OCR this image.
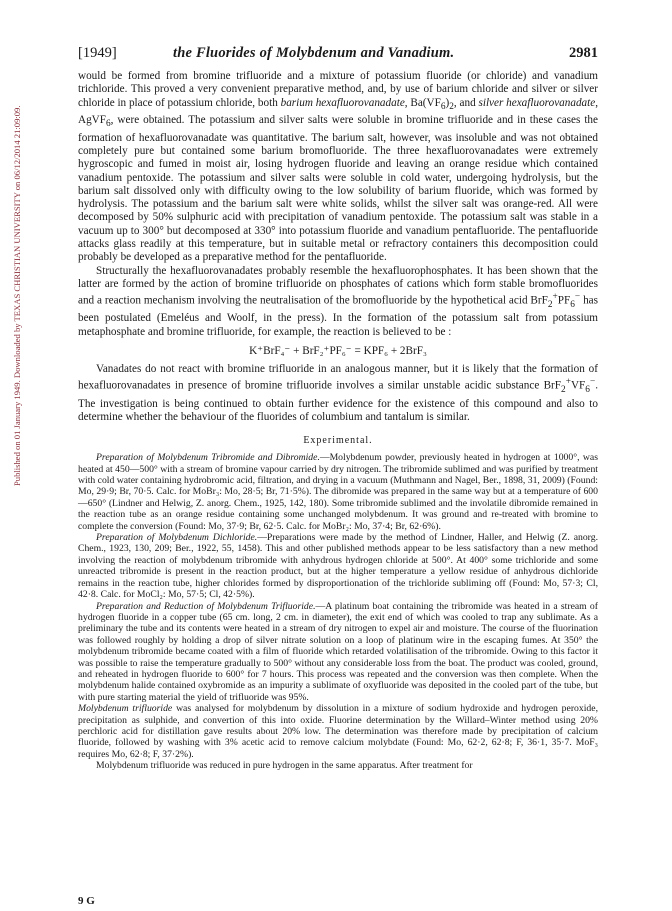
Published on 01 January 1949. Downloaded by TEXAS CHRISTIAN UNIVERSITY on 06/12/2014 21:09:09.
[1949]	the Fluorides of Molybdenum and Vanadium.	2981

would be formed from bromine trifluoride and a mixture of potassium fluoride (or chloride) and vanadium trichloride. This proved a very convenient preparative method, and, by use of barium chloride and silver or silver chloride in place of potassium chloride, both barium hexafluorovanadate, $Ba(VF_6)_2$, and silver hexafluorovanadate, AgVF$_6$, were obtained. The potassium and silver salts were soluble in bromine trifluoride and in these cases the formation of hexafluorovanadate was quantitative. The barium salt, however, was insoluble and was not obtained completely pure but contained some barium bromofluoride. The three hexafluorovanadates were extremely hygroscopic and fumed in moist air, losing hydrogen fluoride and leaving an orange residue which contained vanadium pentoxide. The potassium and silver salts were soluble in cold water, undergoing hydrolysis, but the barium salt dissolved only with difficulty owing to the low solubility of barium fluoride, which was formed by hydrolysis. The potassium and the barium salt were white solids, whilst the silver salt was orange-red. All were decomposed by 50% sulphuric acid with precipitation of vanadium pentoxide. The potassium salt was stable in a vacuum up to 300° but decomposed at 330° into potassium fluoride and vanadium pentafluoride. The pentafluoride attacks glass readily at this temperature, but in suitable metal or refractory containers this decomposition could probably be developed as a preparative method for the pentafluoride.

Structurally the hexafluorovanadates probably resemble the hexafluorophosphates. It has been shown that the latter are formed by the action of bromine trifluoride on phosphates of cations which form stable bromofluorides and a reaction mechanism involving the neutralisation of the bromofluoride by the hypothetical acid $BrF_2^+PF_6^-$ has been postulated (Emeléus and Woolf, in the press). In the formation of the potassium salt from potassium metaphosphate and bromine trifluoride, for example, the reaction is believed to be :

K⁺BrF₄⁻ + BrF₂⁺PF₆⁻ = KPF₆ + 2BrF₃

Vanadates do not react with bromine trifluoride in an analogous manner, but it is likely that the formation of hexafluorovanadates in presence of bromine trifluoride involves a similar unstable acidic substance $BrF_2^+VF_6^-$. The investigation is being continued to obtain further evidence for the existence of this compound and also to determine whether the behaviour of the fluorides of columbium and tantalum is similar.

Experimental.

Preparation of Molybdenum Tribromide and Dibromide.—Molybdenum powder, previously heated in hydrogen at 1000°, was heated at 450—500° with a stream of bromine vapour carried by dry nitrogen. The tribromide sublimed and was purified by treatment with cold water containing hydrobromic acid, filtration, and drying in a vacuum (Muthmann and Nagel, Ber., 1898, 31, 2009) (Found: Mo, 29·9; Br, 70·5. Calc. for MoBr₃: Mo, 28·5; Br, 71·5%). The dibromide was prepared in the same way but at a temperature of 600—650° (Lindner and Helwig, Z. anorg. Chem., 1925, 142, 180). Some tribromide sublimed and the involatile dibromide remained in the reaction tube as an orange residue containing some unchanged molybdenum. It was ground and re-treated with bromine to complete the conversion (Found: Mo, 37·9; Br, 62·5. Calc. for MoBr₂: Mo, 37·4; Br, 62·6%).

Preparation of Molybdenum Dichloride.—Preparations were made by the method of Lindner, Haller, and Helwig (Z. anorg. Chem., 1923, 130, 209; Ber., 1922, 55, 1458). This and other published methods appear to be less satisfactory than a new method involving the reaction of molybdenum tribromide with anhydrous hydrogen chloride at 500°. At 400° some trichloride and some unreacted tribromide is present in the reaction product, but at the higher temperature a yellow residue of anhydrous dichloride remains in the reaction tube, higher chlorides formed by disproportionation of the trichloride subliming off (Found: Mo, 57·3; Cl, 42·8. Calc. for MoCl₂: Mo, 57·5; Cl, 42·5%).

Preparation and Reduction of Molybdenum Trifluoride.—A platinum boat containing the tribromide was heated in a stream of hydrogen fluoride in a copper tube (65 cm. long, 2 cm. in diameter), the exit end of which was cooled to trap any sublimate. As a preliminary the tube and its contents were heated in a stream of dry nitrogen to expel air and moisture. The course of the fluorination was followed roughly by holding a drop of silver nitrate solution on a loop of platinum wire in the escaping fumes. At 350° the molybdenum tribromide became coated with a film of fluoride which retarded volatilisation of the tribromide. Owing to this factor it was possible to raise the temperature gradually to 500° without any considerable loss from the boat. The product was cooled, ground, and reheated in hydrogen fluoride to 600° for 7 hours. This process was repeated and the conversion was then complete. When the molybdenum halide contained oxybromide as an impurity a sublimate of oxyfluoride was deposited in the cooled part of the tube, but with pure starting material the yield of trifluoride was 95%.

Molybdenum trifluoride was analysed for molybdenum by dissolution in a mixture of sodium hydroxide and hydrogen peroxide, precipitation as sulphide, and convertion of this into oxide. Fluorine determination by the Willard–Winter method using 20% perchloric acid for distillation gave results about 20% low. The determination was therefore made by precipitation of calcium fluoride, followed by washing with 3% acetic acid to remove calcium molybdate (Found: Mo, 62·2, 62·8; F, 36·1, 35·7. MoF₃ requires Mo, 62·8; F, 37·2%).

Molybdenum trifluoride was reduced in pure hydrogen in the same apparatus. After treatment for

9 G
